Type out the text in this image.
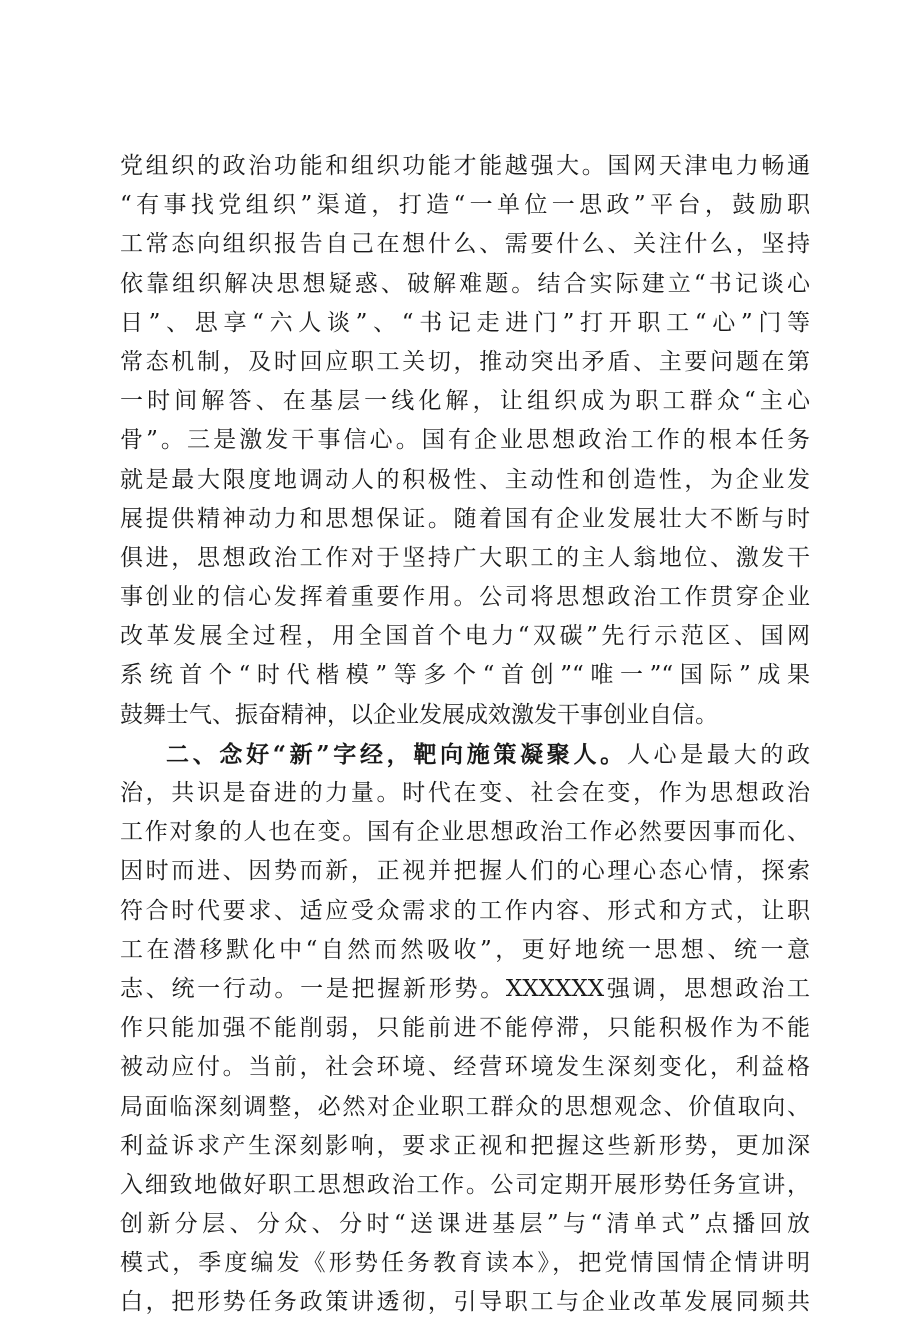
党组织的政治功能和组织功能才能越强大。国网天津电力畅通
“有事找党组织”渠道，打造“一单位一思政”平台，鼓励职
工常态向组织报告自己在想什么、需要什么、关注什么，坚持
依靠组织解决思想疑惑、破解难题。结合实际建立“书记谈心
日”、思享“六人谈”、“书记走进门”打开职工“心”门等
常态机制，及时回应职工关切，推动突出矛盾、主要问题在第
一时间解答、在基层一线化解，让组织成为职工群众“主心
骨”。三是激发干事信心。国有企业思想政治工作的根本任务
就是最大限度地调动人的积极性、主动性和创造性，为企业发
展提供精神动力和思想保证。随着国有企业发展壮大不断与时
俱进，思想政治工作对于坚持广大职工的主人翁地位、激发干
事创业的信心发挥着重要作用。公司将思想政治工作贯穿企业
改革发展全过程，用全国首个电力“双碳”先行示范区、国网
系统首个“时代楷模”等多个“首创”“唯一”“国际”成果
鼓舞士气、振奋精神，以企业发展成效激发干事创业自信。
二、念好“新”字经，靶向施策凝聚人。人心是最大的政
治，共识是奋进的力量。时代在变、社会在变，作为思想政治
工作对象的人也在变。国有企业思想政治工作必然要因事而化、
因时而进、因势而新，正视并把握人们的心理心态心情，探索
符合时代要求、适应受众需求的工作内容、形式和方式，让职
工在潜移默化中“自然而然吸收”，更好地统一思想、统一意
志、统一行动。一是把握新形势。XXXXXX强调，思想政治工
作只能加强不能削弱，只能前进不能停滞，只能积极作为不能
被动应付。当前，社会环境、经营环境发生深刻变化，利益格
局面临深刻调整，必然对企业职工群众的思想观念、价值取向、
利益诉求产生深刻影响，要求正视和把握这些新形势，更加深
入细致地做好职工思想政治工作。公司定期开展形势任务宣讲，
创新分层、分众、分时“送课进基层”与“清单式”点播回放
模式，季度编发《形势任务教育读本》，把党情国情企情讲明
白，把形势任务政策讲透彻，引导职工与企业改革发展同频共
